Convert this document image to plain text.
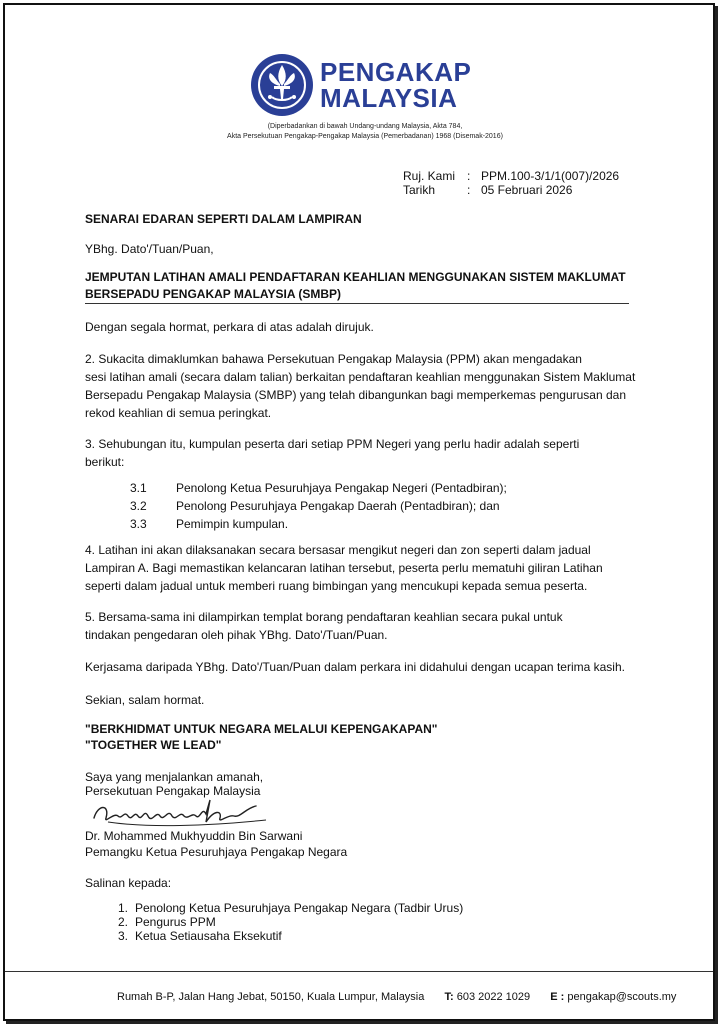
PENGAKAP
MALAYSIA
(Diperbadankan di bawah Undang-undang Malaysia, Akta 784,
Akta Persekutuan Pengakap-Pengakap Malaysia (Pemerbadanan) 1968 (Disemak-2016)
Ruj. Kami : PPM.100-3/1/1(007)/2026
Tarikh	: 05 Februari 2026
SENARAI EDARAN SEPERTI DALAM LAMPIRAN
YBhg. Dato'/Tuan/Puan,
JEMPUTAN LATIHAN AMALI PENDAFTARAN KEAHLIAN MENGGUNAKAN SISTEM MAKLUMAT
BERSEPADU PENGAKAP MALAYSIA (SMBP)
Dengan segala hormat, perkara di atas adalah dirujuk.
2. Sukacita dimaklumkan bahawa Persekutuan Pengakap Malaysia (PPM) akan mengadakan
sesi latihan amali (secara dalam talian) berkaitan pendaftaran keahlian menggunakan Sistem Maklumat
Bersepadu Pengakap Malaysia (SMBP) yang telah dibangunkan bagi memperkemas pengurusan dan
rekod keahlian di semua peringkat.
3. Sehubungan itu, kumpulan peserta dari setiap PPM Negeri yang perlu hadir adalah seperti
berikut:
3.1	Penolong Ketua Pesuruhjaya Pengakap Negeri (Pentadbiran);
3.2	Penolong Pesuruhjaya Pengakap Daerah (Pentadbiran); dan
3.3	Pemimpin kumpulan.
4. Latihan ini akan dilaksanakan secara bersasar mengikut negeri dan zon seperti dalam jadual
Lampiran A. Bagi memastikan kelancaran latihan tersebut, peserta perlu mematuhi giliran Latihan
seperti dalam jadual untuk memberi ruang bimbingan yang mencukupi kepada semua peserta.
5. Bersama-sama ini dilampirkan templat borang pendaftaran keahlian secara pukal untuk
tindakan pengedaran oleh pihak YBhg. Dato'/Tuan/Puan.
Kerjasama daripada YBhg. Dato'/Tuan/Puan dalam perkara ini didahului dengan ucapan terima kasih.
Sekian, salam hormat.
"BERKHIDMAT UNTUK NEGARA MELALUI KEPENGAKAPAN"
"TOGETHER WE LEAD"
Saya yang menjalankan amanah,
Persekutuan Pengakap Malaysia
Dr. Mohammed Mukhyuddin Bin Sarwani
Pemangku Ketua Pesuruhjaya Pengakap Negara
Salinan kepada:
1. Penolong Ketua Pesuruhjaya Pengakap Negara (Tadbir Urus)
2. Pengurus PPM
3. Ketua Setiausaha Eksekutif
Rumah B-P, Jalan Hang Jebat, 50150, Kuala Lumpur, Malaysia T: 603 2022 1029 E : pengakap@scouts.my
